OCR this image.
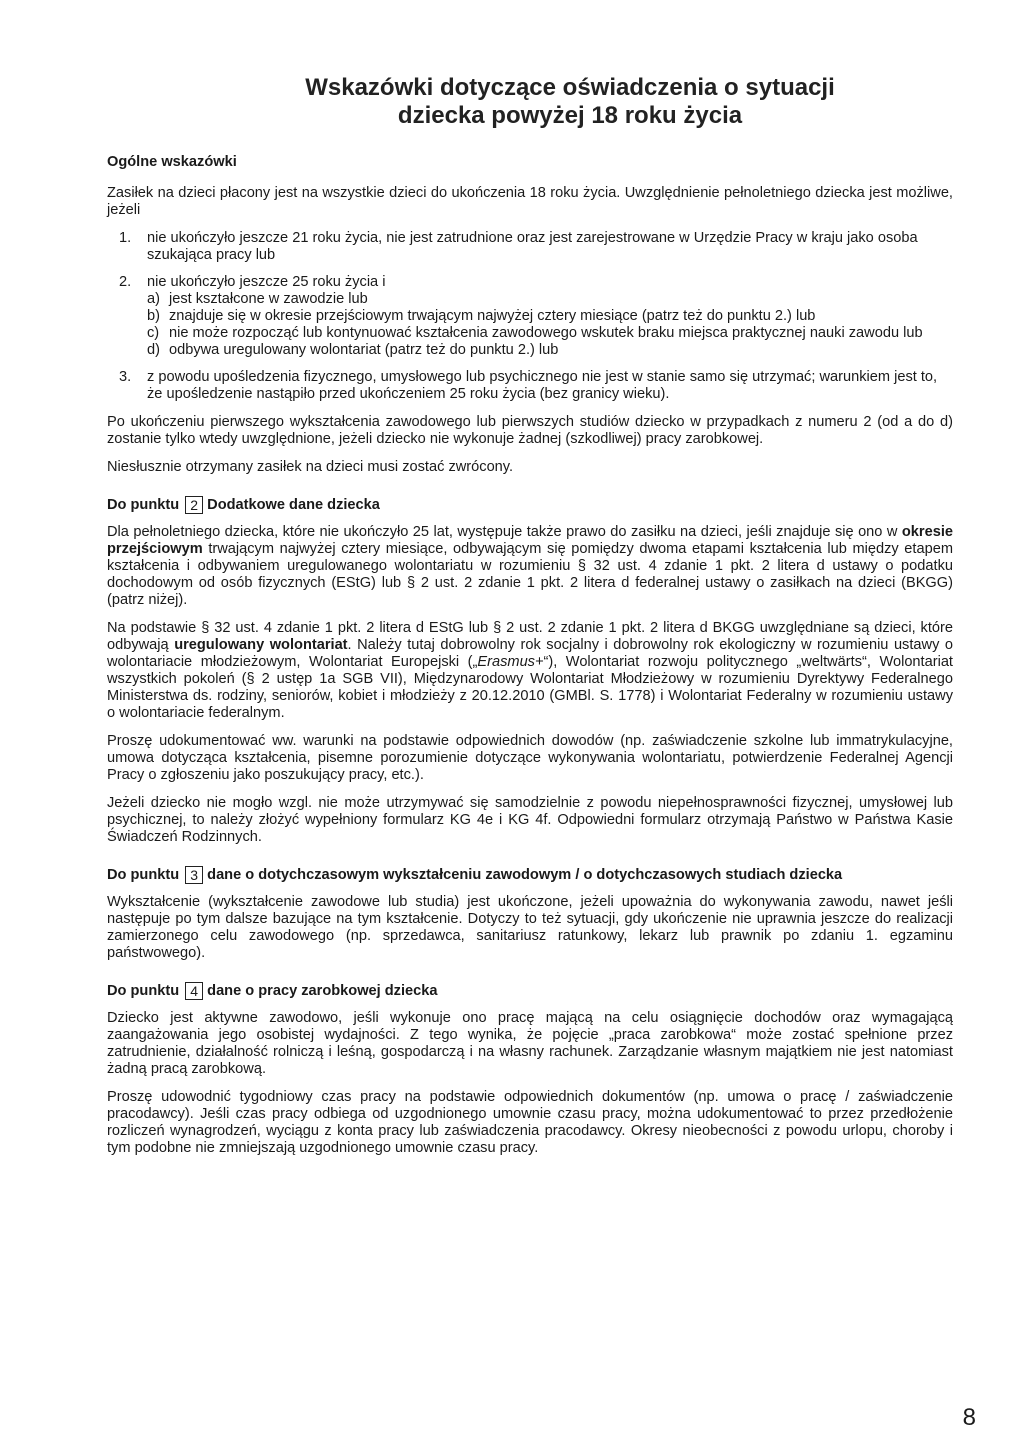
Wskazówki dotyczące oświadczenia o sytuacji
dziecka powyżej 18 roku życia
Ogólne wskazówki

Zasiłek na dzieci płacony jest na wszystkie dzieci do ukończenia 18 roku życia. Uwzględnienie pełnoletniego dziecka jest możliwe, jeżeli

1. nie ukończyło jeszcze 21 roku życia, nie jest zatrudnione oraz jest zarejestrowane w Urzędzie Pracy w kraju jako osoba szukająca pracy lub
2. nie ukończyło jeszcze 25 roku życia i
a) jest kształcone w zawodzie lub
b) znajduje się w okresie przejściowym trwającym najwyżej cztery miesiące (patrz też do punktu 2.) lub
c) nie może rozpocząć lub kontynuować kształcenia zawodowego wskutek braku miejsca praktycznej nauki zawodu lub
d) odbywa uregulowany wolontariat (patrz też do punktu 2.) lub
3. z powodu upośledzenia fizycznego, umysłowego lub psychicznego nie jest w stanie samo się utrzymać; warunkiem jest to, że upośledzenie nastąpiło przed ukończeniem 25 roku życia (bez granicy wieku).

Po ukończeniu pierwszego wykształcenia zawodowego lub pierwszych studiów dziecko w przypadkach z numeru 2 (od a do d) zostanie tylko wtedy uwzględnione, jeżeli dziecko nie wykonuje żadnej (szkodliwej) pracy zarobkowej.

Niesłusznie otrzymany zasiłek na dzieci musi zostać zwrócony.

Do punktu 2 Dodatkowe dane dziecka

Dla pełnoletniego dziecka, które nie ukończyło 25 lat, występuje także prawo do zasiłku na dzieci, jeśli znajduje się ono w okresie przejściowym trwającym najwyżej cztery miesiące, odbywającym się pomiędzy dwoma etapami kształcenia lub między etapem kształcenia i odbywaniem uregulowanego wolontariatu w rozumieniu § 32 ust. 4 zdanie 1 pkt. 2 litera d ustawy o podatku dochodowym od osób fizycznych (EStG) lub § 2 ust. 2 zdanie 1 pkt. 2 litera d federalnej ustawy o zasiłkach na dzieci (BKGG) (patrz niżej).

Na podstawie § 32 ust. 4 zdanie 1 pkt. 2 litera d EStG lub § 2 ust. 2 zdanie 1 pkt. 2 litera d BKGG uwzględniane są dzieci, które odbywają uregulowany wolontariat. Należy tutaj dobrowolny rok socjalny i dobrowolny rok ekologiczny w rozumieniu ustawy o wolontariacie młodzieżowym, Wolontariat Europejski („Erasmus+“), Wolontariat rozwoju politycznego „weltwärts“, Wolontariat wszystkich pokoleń (§ 2 ustęp 1a SGB VII), Międzynarodowy Wolontariat Młodzieżowy w rozumieniu Dyrektywy Federalnego Ministerstwa ds. rodziny, seniorów, kobiet i młodzieży z 20.12.2010 (GMBl. S. 1778) i Wolontariat Federalny w rozumieniu ustawy o wolontariacie federalnym.

Proszę udokumentować ww. warunki na podstawie odpowiednich dowodów (np. zaświadczenie szkolne lub immatrykulacyjne, umowa dotycząca kształcenia, pisemne porozumienie dotyczące wykonywania wolontariatu, potwierdzenie Federalnej Agencji Pracy o zgłoszeniu jako poszukujący pracy, etc.).

Jeżeli dziecko nie mogło wzgl. nie może utrzymywać się samodzielnie z powodu niepełnosprawności fizycznej, umysłowej lub psychicznej, to należy złożyć wypełniony formularz KG 4e i KG 4f. Odpowiedni formularz otrzymają Państwo w Państwa Kasie Świadczeń Rodzinnych.

Do punktu 3 dane o dotychczasowym wykształceniu zawodowym / o dotychczasowych studiach dziecka

Wykształcenie (wykształcenie zawodowe lub studia) jest ukończone, jeżeli upoważnia do wykonywania zawodu, nawet jeśli następuje po tym dalsze bazujące na tym kształcenie. Dotyczy to też sytuacji, gdy ukończenie nie uprawnia jeszcze do realizacji zamierzonego celu zawodowego (np. sprzedawca, sanitariusz ratunkowy, lekarz lub prawnik po zdaniu 1. egzaminu państwowego).

Do punktu 4 dane o pracy zarobkowej dziecka

Dziecko jest aktywne zawodowo, jeśli wykonuje ono pracę mającą na celu osiągnięcie dochodów oraz wymagającą zaangażowania jego osobistej wydajności. Z tego wynika, że pojęcie „praca zarobkowa“ może zostać spełnione przez zatrudnienie, działalność rolniczą i leśną, gospodarczą i na własny rachunek. Zarządzanie własnym majątkiem nie jest natomiast żadną pracą zarobkową.

Proszę udowodnić tygodniowy czas pracy na podstawie odpowiednich dokumentów (np. umowa o pracę / zaświadczenie pracodawcy). Jeśli czas pracy odbiega od uzgodnionego umownie czasu pracy, można udokumentować to przez przedłożenie rozliczeń wynagrodzeń, wyciągu z konta pracy lub zaświadczenia pracodawcy. Okresy nieobecności z powodu urlopu, choroby i tym podobne nie zmniejszają uzgodnionego umownie czasu pracy.

8
